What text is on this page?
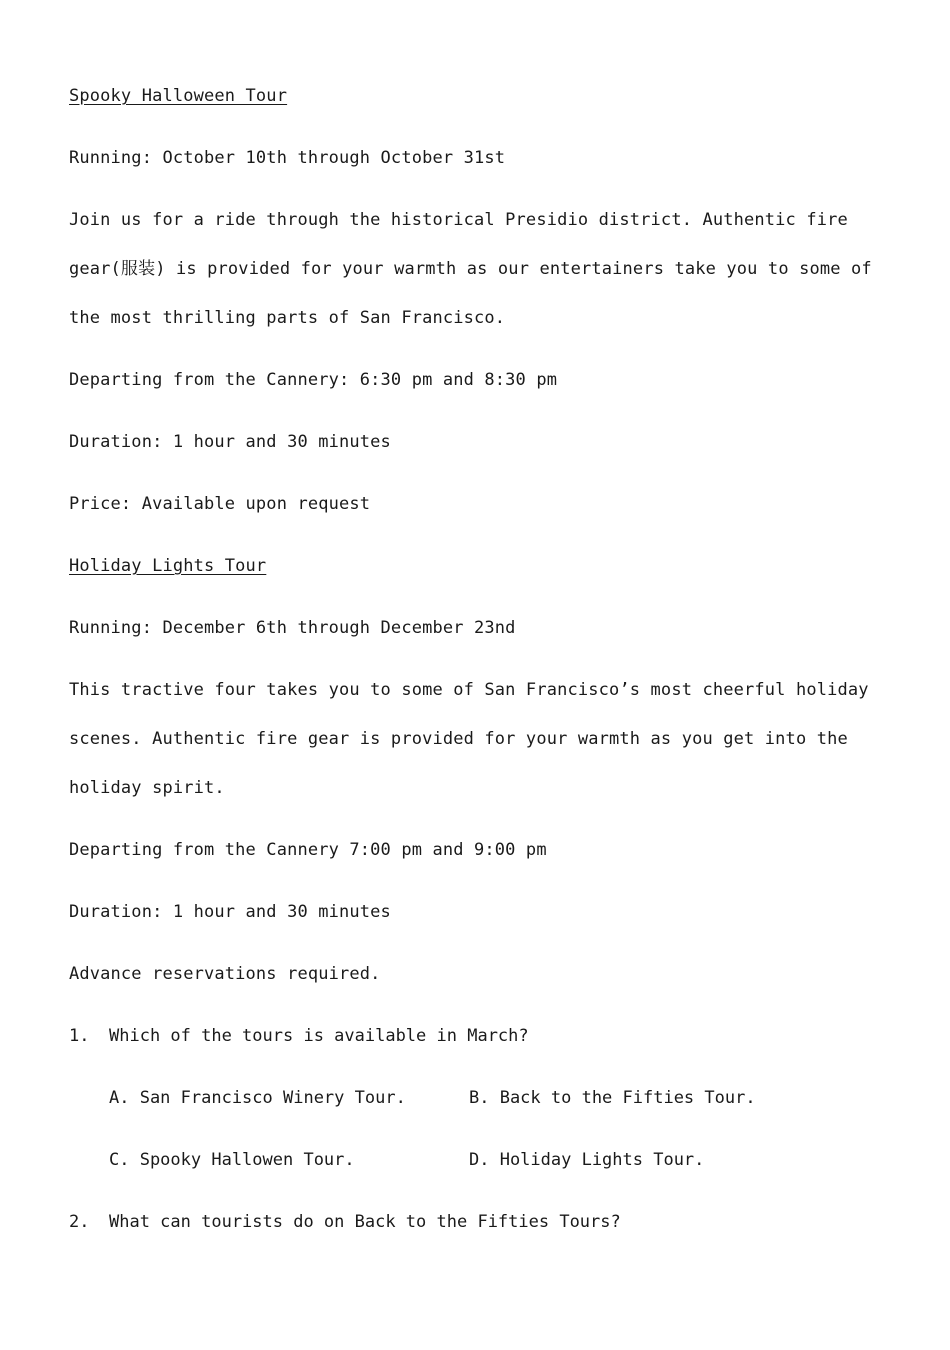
Spooky Halloween Tour
Running: October 10th through October 31st
Join us for a ride through the historical Presidio district. Authentic fire
gear(服装) is provided for your warmth as our entertainers take you to some of
the most thrilling parts of San Francisco.
Departing from the Cannery: 6:30 pm and 8:30 pm
Duration: 1 hour and 30 minutes
Price: Available upon request
Holiday Lights Tour
Running: December 6th through December 23nd
This tractive four takes you to some of San Francisco’s most cheerful holiday
scenes. Authentic fire gear is provided for your warmth as you get into the
holiday spirit.
Departing from the Cannery 7:00 pm and 9:00 pm
Duration: 1 hour and 30 minutes
Advance reservations required.
1. Which of the tours is available in March?
A. San Francisco Winery Tour.	B. Back to the Fifties Tour.
C. Spooky Hallowen Tour.	D. Holiday Lights Tour.
2. What can tourists do on Back to the Fifties Tours?
